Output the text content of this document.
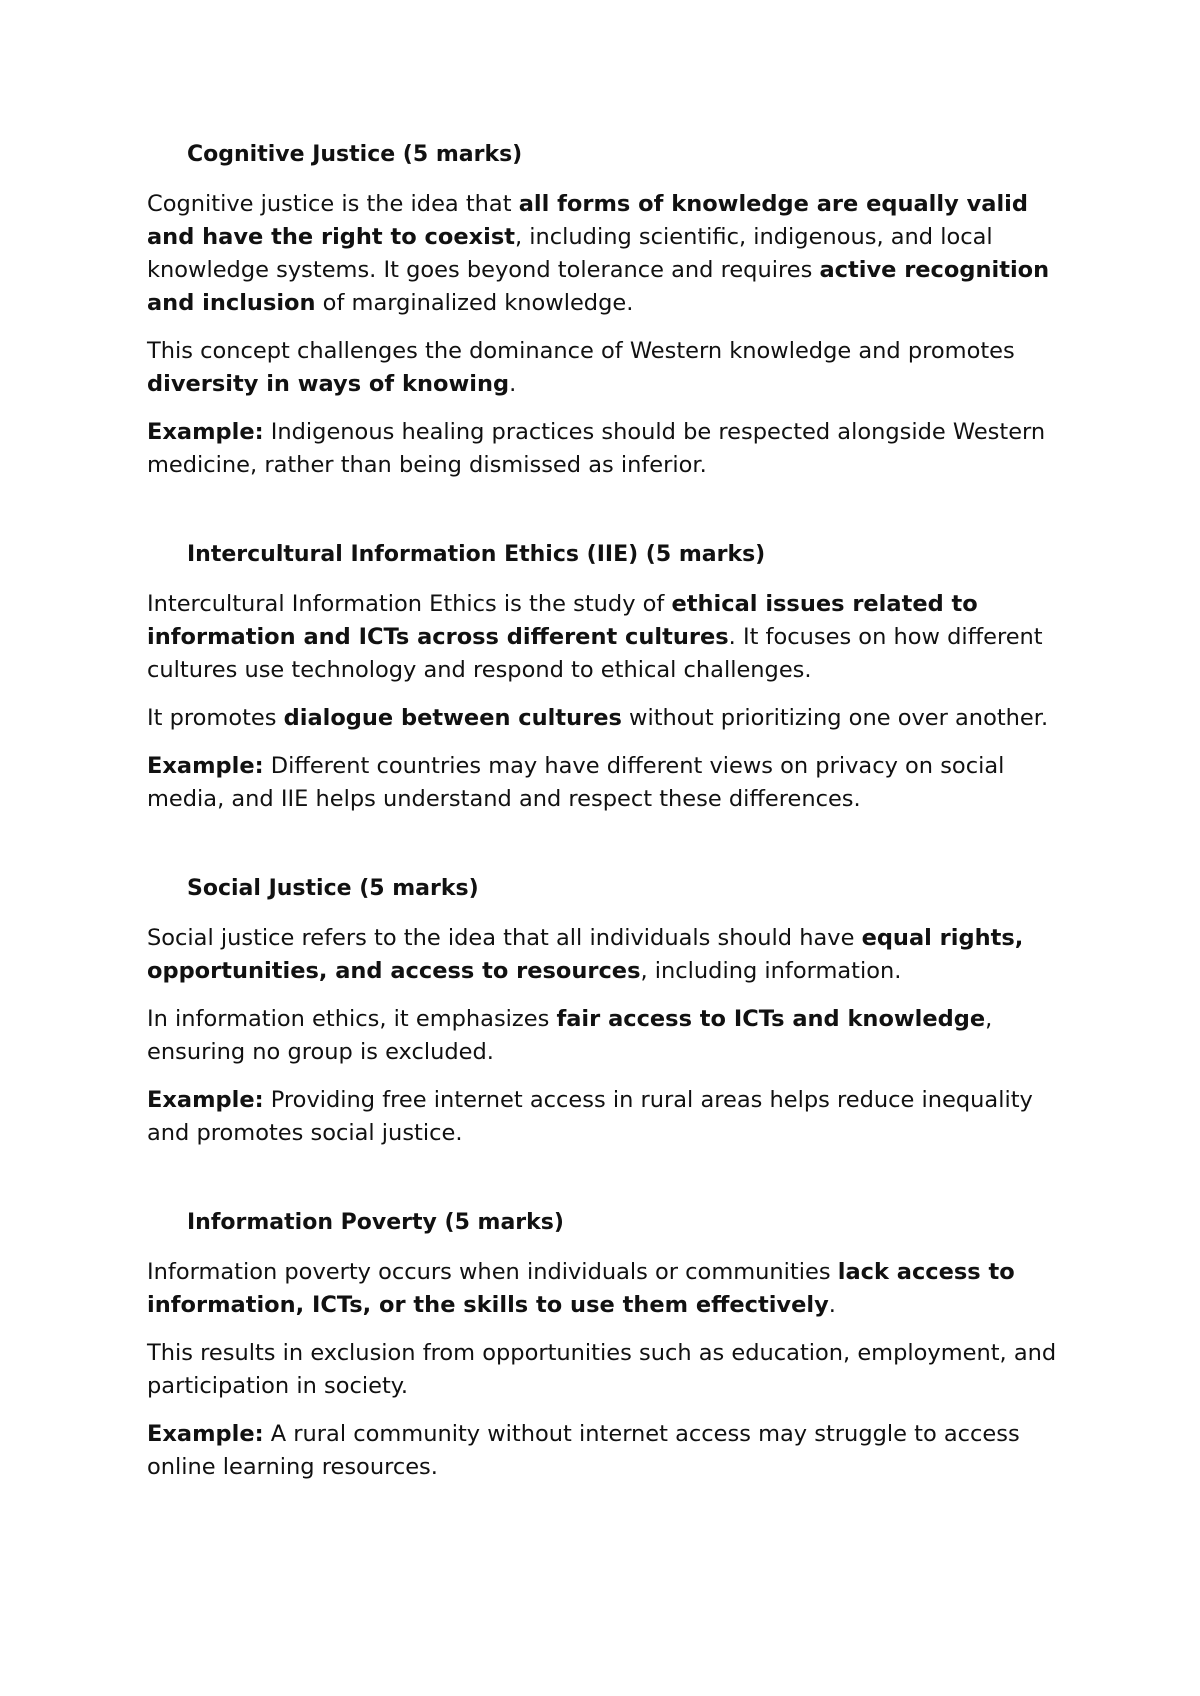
Cognitive Justice (5 marks)

Cognitive justice is the idea that all forms of knowledge are equally valid and have the right to coexist, including scientific, indigenous, and local knowledge systems. It goes beyond tolerance and requires active recognition and inclusion of marginalized knowledge.

This concept challenges the dominance of Western knowledge and promotes diversity in ways of knowing.

Example: Indigenous healing practices should be respected alongside Western medicine, rather than being dismissed as inferior.

Intercultural Information Ethics (IIE) (5 marks)

Intercultural Information Ethics is the study of ethical issues related to information and ICTs across different cultures. It focuses on how different cultures use technology and respond to ethical challenges.

It promotes dialogue between cultures without prioritizing one over another.

Example: Different countries may have different views on privacy on social media, and IIE helps understand and respect these differences.

Social Justice (5 marks)

Social justice refers to the idea that all individuals should have equal rights, opportunities, and access to resources, including information.

In information ethics, it emphasizes fair access to ICTs and knowledge, ensuring no group is excluded.

Example: Providing free internet access in rural areas helps reduce inequality and promotes social justice.

Information Poverty (5 marks)

Information poverty occurs when individuals or communities lack access to information, ICTs, or the skills to use them effectively.

This results in exclusion from opportunities such as education, employment, and participation in society.

Example: A rural community without internet access may struggle to access online learning resources.
